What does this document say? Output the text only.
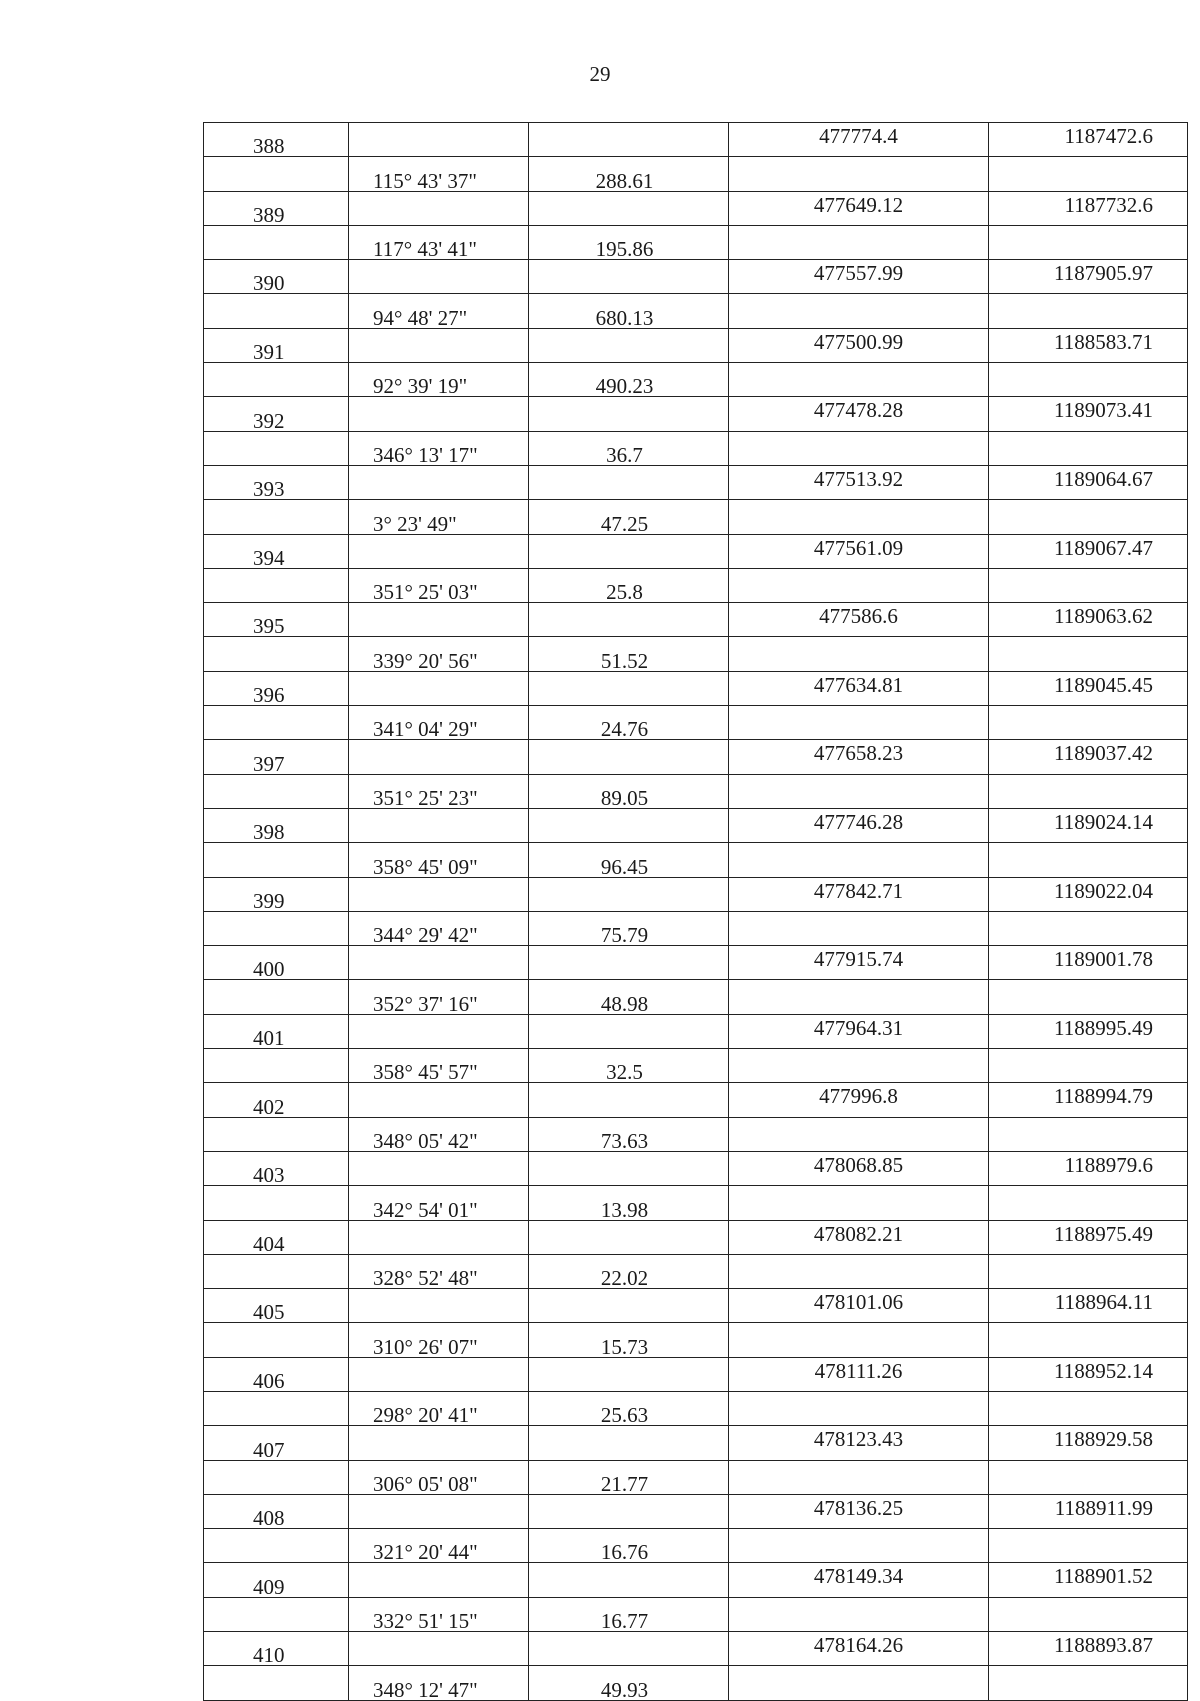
29
388			477774.4	1187472.6
	115° 43' 37"	288.61		
389			477649.12	1187732.6
	117° 43' 41"	195.86		
390			477557.99	1187905.97
	94° 48' 27"	680.13		
391			477500.99	1188583.71
	92° 39' 19"	490.23		
392			477478.28	1189073.41
	346° 13' 17"	36.7		
393			477513.92	1189064.67
	3° 23' 49"	47.25		
394			477561.09	1189067.47
	351° 25' 03"	25.8		
395			477586.6	1189063.62
	339° 20' 56"	51.52		
396			477634.81	1189045.45
	341° 04' 29"	24.76		
397			477658.23	1189037.42
	351° 25' 23"	89.05		
398			477746.28	1189024.14
	358° 45' 09"	96.45		
399			477842.71	1189022.04
	344° 29' 42"	75.79		
400			477915.74	1189001.78
	352° 37' 16"	48.98		
401			477964.31	1188995.49
	358° 45' 57"	32.5		
402			477996.8	1188994.79
	348° 05' 42"	73.63		
403			478068.85	1188979.6
	342° 54' 01"	13.98		
404			478082.21	1188975.49
	328° 52' 48"	22.02		
405			478101.06	1188964.11
	310° 26' 07"	15.73		
406			478111.26	1188952.14
	298° 20' 41"	25.63		
407			478123.43	1188929.58
	306° 05' 08"	21.77		
408			478136.25	1188911.99
	321° 20' 44"	16.76		
409			478149.34	1188901.52
	332° 51' 15"	16.77		
410			478164.26	1188893.87
	348° 12' 47"	49.93		
